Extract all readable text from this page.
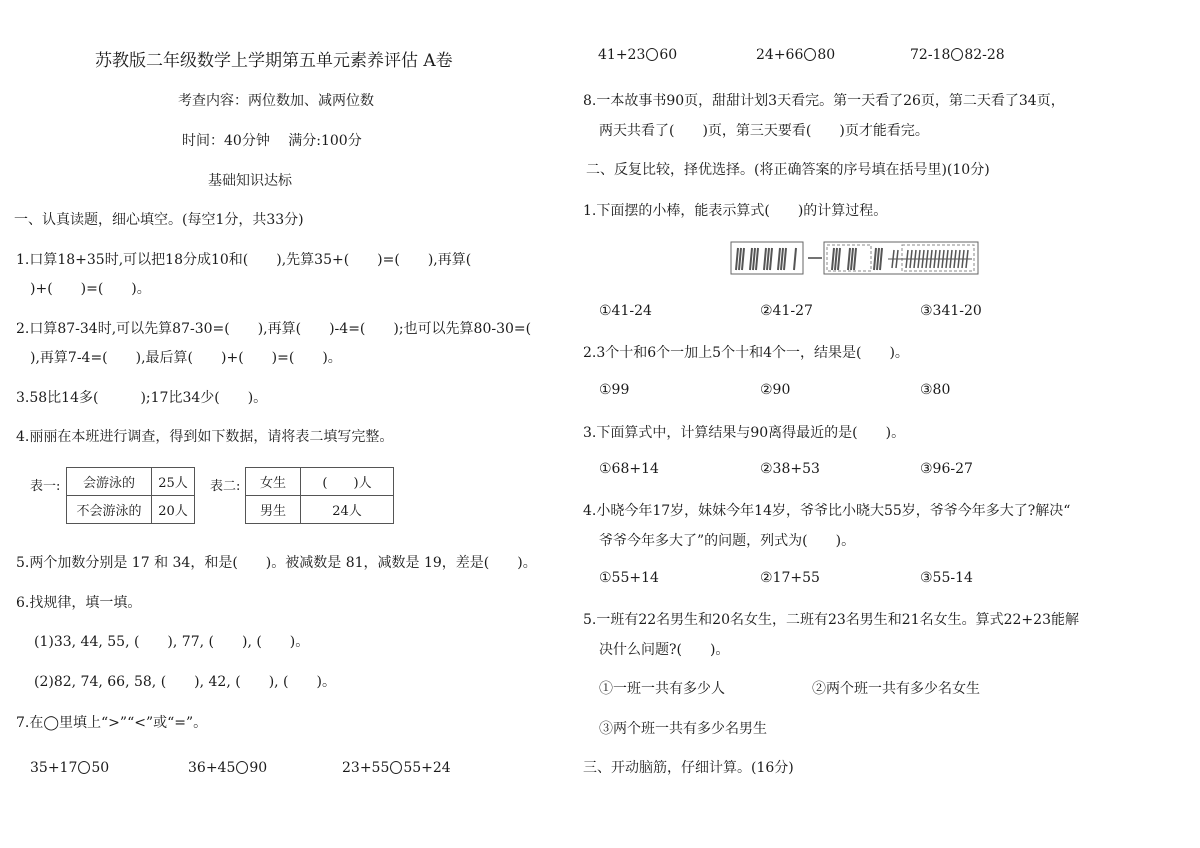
苏教版二年级数学上学期第五单元素养评估 A卷
考查内容：两位数加、减两位数
时间：40分钟　 满分:100分
基础知识达标
一、认真读题，细心填空。(每空1分，共33分)
1.口算18+35时,可以把18分成10和(　　),先算35+(　　)=(　　),再算(
　)+(　　)=(　　)。
2.口算87-34时,可以先算87-30=(　　),再算(　　)-4=(　　);也可以先算80-30=(
),再算7-4=(　　),最后算(　　)+(　　)=(　　)。
3.58比14多(　　　);17比34少(　　)。
4.丽丽在本班进行调查，得到如下数据，请将表二填写完整。
表一: 会游泳的	25人
不会游泳的	20人
表二: 女生	(　　)人
男生	24人
5.两个加数分别是 17 和 34，和是(　　)。被减数是 81，减数是 19，差是(　　)。
6.找规律，填一填。
(1)33, 44, 55, (　　), 77, (　　), (　　)。
(2)82, 74, 66, 58, (　　), 42, (　　), (　　)。
7.在◯里填上“>”“<”或“=”。
35+17 50	36+45 90	23+55 55+24
41+23 60	24+66 80	72-18 82-28
8.一本故事书90页，甜甜计划3天看完。第一天看了26页，第二天看了34页，
两天共看了(　　)页，第三天要看(　　)页才能看完。
二、反复比较，择优选择。(将正确答案的序号填在括号里)(10分)
1.下面摆的小棒，能表示算式(　　)的计算过程。
①41-24	②41-27	③341-20
2.3个十和6个一加上5个十和4个一，结果是(　　)。
①99	②90	③80
3.下面算式中，计算结果与90离得最近的是(　　)。
①68+14	②38+53	③96-27
4.小晓今年17岁，妹妹今年14岁，爷爷比小晓大55岁，爷爷今年多大了?解决“
爷爷今年多大了”的问题，列式为(　　)。
①55+14	②17+55	③55-14
5.一班有22名男生和20名女生，二班有23名男生和21名女生。算式22+23能解
决什么问题?(　　)。
①一班一共有多少人	②两个班一共有多少名女生
③两个班一共有多少名男生
三、开动脑筋，仔细计算。(16分)
